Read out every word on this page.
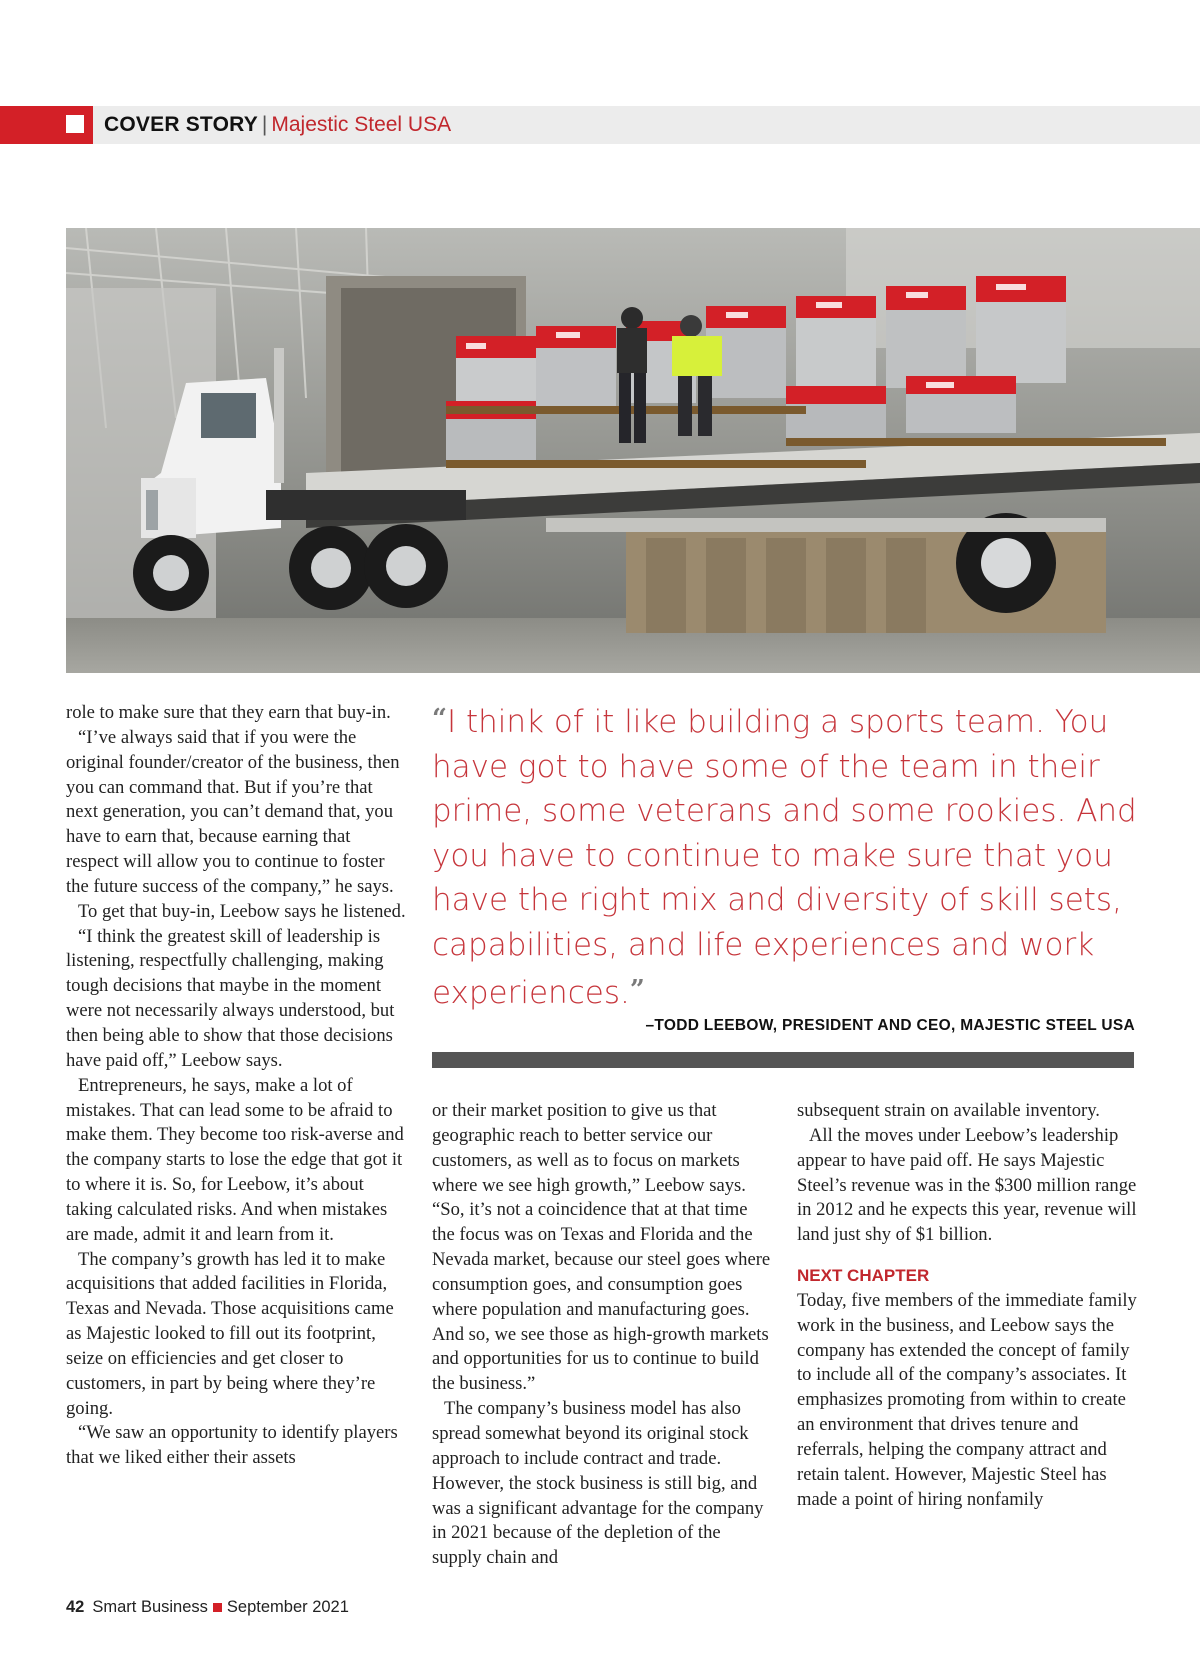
COVER STORY | Majestic Steel USA

role to make sure that they earn that buy-in.

“I’ve always said that if you were the original founder/creator of the business, then you can command that. But if you’re that next generation, you can’t demand that, you have to earn that, because earning that respect will allow you to continue to foster the future success of the company,” he says.

To get that buy-in, Leebow says he listened.

“I think the greatest skill of leadership is listening, respectfully challenging, making tough decisions that maybe in the moment were not necessarily always understood, but then being able to show that those decisions have paid off,” Leebow says.

Entrepreneurs, he says, make a lot of mistakes. That can lead some to be afraid to make them. They become too risk-averse and the company starts to lose the edge that got it to where it is. So, for Leebow, it’s about taking calculated risks. And when mistakes are made, admit it and learn from it.

The company’s growth has led it to make acquisitions that added facilities in Florida, Texas and Nevada. Those acquisitions came as Majestic looked to fill out its footprint, seize on efficiencies and get closer to customers, in part by being where they’re going.

“We saw an opportunity to identify players that we liked either their assets

“I think of it like building a sports team. You have got to have some of the team in their prime, some veterans and some rookies. And you have to continue to make sure that you have the right mix and diversity of skill sets, capabilities, and life experiences and work experiences.”
–TODD LEEBOW, PRESIDENT AND CEO, MAJESTIC STEEL USA

or their market position to give us that geographic reach to better service our customers, as well as to focus on markets where we see high growth,” Leebow says. “So, it’s not a coincidence that at that time the focus was on Texas and Florida and the Nevada market, because our steel goes where consumption goes, and consumption goes where population and manufacturing goes. And so, we see those as high-growth markets and opportunities for us to continue to build the business.”

The company’s business model has also spread somewhat beyond its original stock approach to include contract and trade. However, the stock business is still big, and was a significant advantage for the company in 2021 because of the depletion of the supply chain and

subsequent strain on available inventory.

All the moves under Leebow’s leadership appear to have paid off. He says Majestic Steel’s revenue was in the $300 million range in 2012 and he expects this year, revenue will land just shy of $1 billion.

NEXT CHAPTER

Today, five members of the immediate family work in the business, and Leebow says the company has extended the concept of family to include all of the company’s associates. It emphasizes promoting from within to create an environment that drives tenure and referrals, helping the company attract and retain talent. However, Majestic Steel has made a point of hiring nonfamily

42 Smart Business September 2021
